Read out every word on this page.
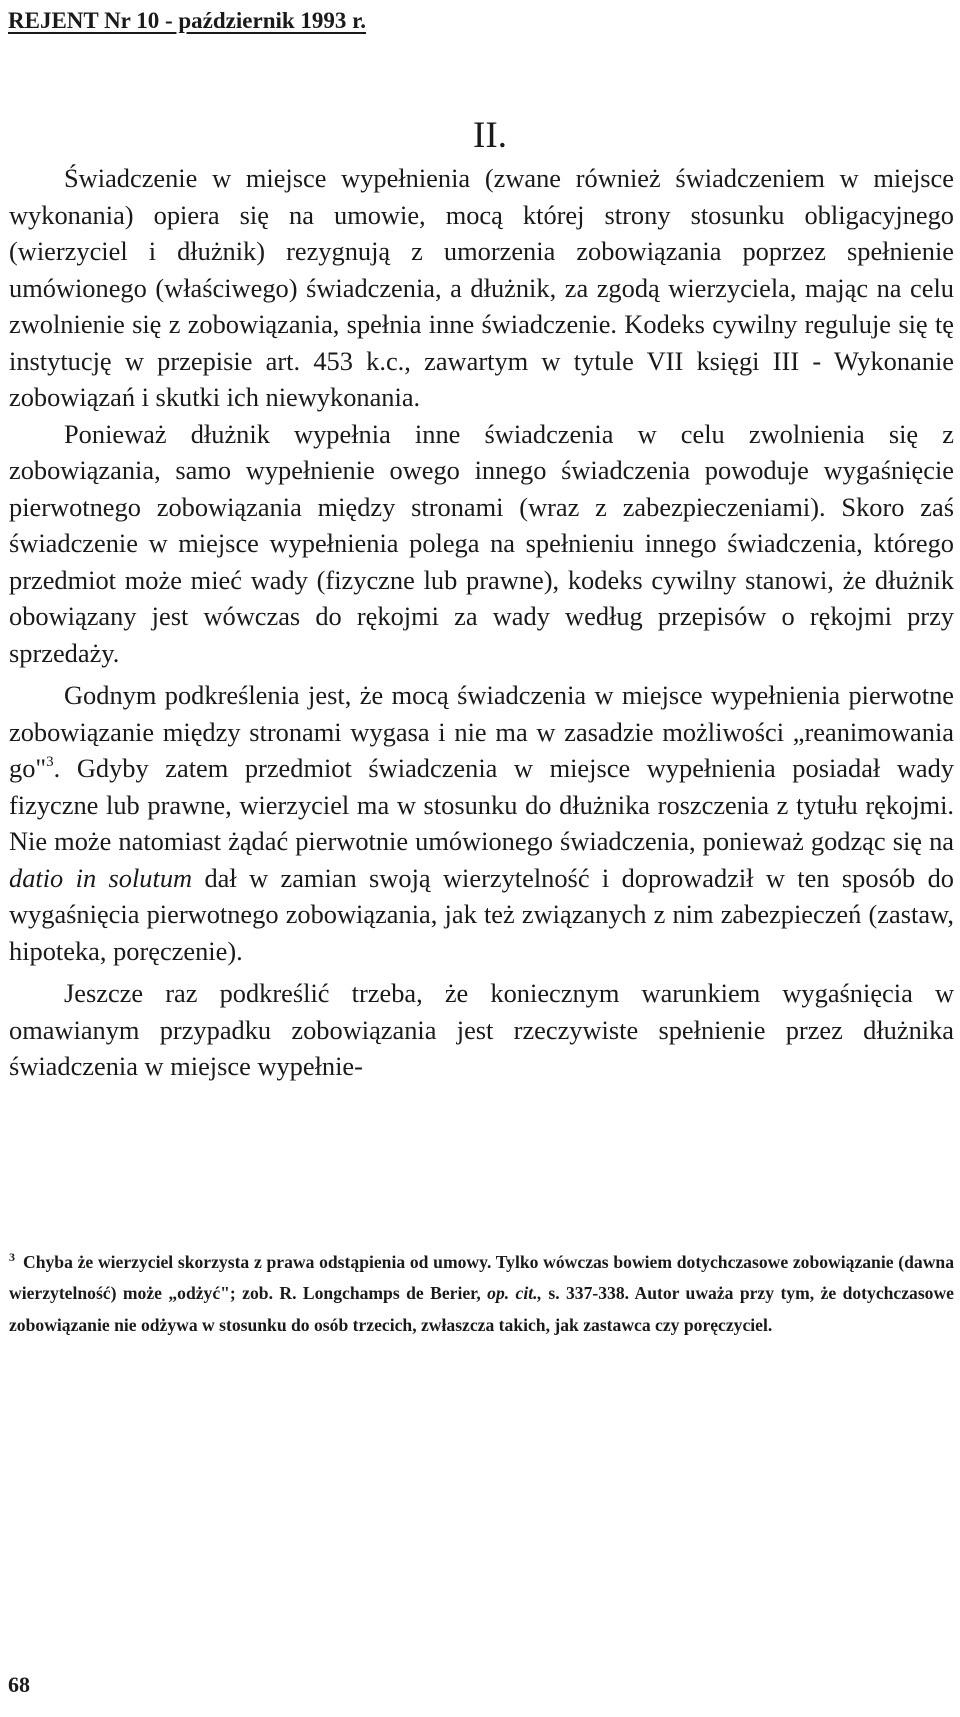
REJENT Nr 10 - październik 1993 r.
II.

Świadczenie w miejsce wypełnienia (zwane również świadczeniem w miejsce wykonania) opiera się na umowie, mocą której strony stosunku obligacyjnego (wierzyciel i dłużnik) rezygnują z umorzenia zobowiązania poprzez spełnienie umówionego (właściwego) świadczenia, a dłużnik, za zgodą wierzyciela, mając na celu zwolnienie się z zobowiązania, spełnia inne świadczenie. Kodeks cywilny reguluje się tę instytucję w przepisie art. 453 k.c., zawartym w tytule VII księgi III - Wykonanie zobowiązań i skutki ich niewykonania.

Ponieważ dłużnik wypełnia inne świadczenia w celu zwolnienia się z zobowiązania, samo wypełnienie owego innego świadczenia powoduje wygaśnięcie pierwotnego zobowiązania między stronami (wraz z zabezpieczeniami). Skoro zaś świadczenie w miejsce wypełnienia polega na spełnieniu innego świadczenia, którego przedmiot może mieć wady (fizyczne lub prawne), kodeks cywilny stanowi, że dłużnik obowiązany jest wówczas do rękojmi za wady według przepisów o rękojmi przy sprzedaży.

Godnym podkreślenia jest, że mocą świadczenia w miejsce wypełnienia pierwotne zobowiązanie między stronami wygasa i nie ma w zasadzie możliwości „reanimowania go"$^3$. Gdyby zatem przedmiot świadczenia w miejsce wypełnienia posiadał wady fizyczne lub prawne, wierzyciel ma w stosunku do dłużnika roszczenia z tytułu rękojmi. Nie może natomiast żądać pierwotnie umówionego świadczenia, ponieważ godząc się na datio in solutum dał w zamian swoją wierzytelność i doprowadził w ten sposób do wygaśnięcia pierwotnego zobowiązania, jak też związanych z nim zabezpieczeń (zastaw, hipoteka, poręczenie).

Jeszcze raz podkreślić trzeba, że koniecznym warunkiem wygaśnięcia w omawianym przypadku zobowiązania jest rzeczywiste spełnienie przez dłużnika świadczenia w miejsce wypełnie-

$^3$ Chyba że wierzyciel skorzysta z prawa odstąpienia od umowy. Tylko wówczas bowiem dotychczasowe zobowiązanie (dawna wierzytelność) może „odżyć"; zob. R. Longchamps de Berier, op. cit., s. 337-338. Autor uważa przy tym, że dotychczasowe zobowiązanie nie odżywa w stosunku do osób trzecich, zwłaszcza takich, jak zastawca czy poręczyciel.
68
